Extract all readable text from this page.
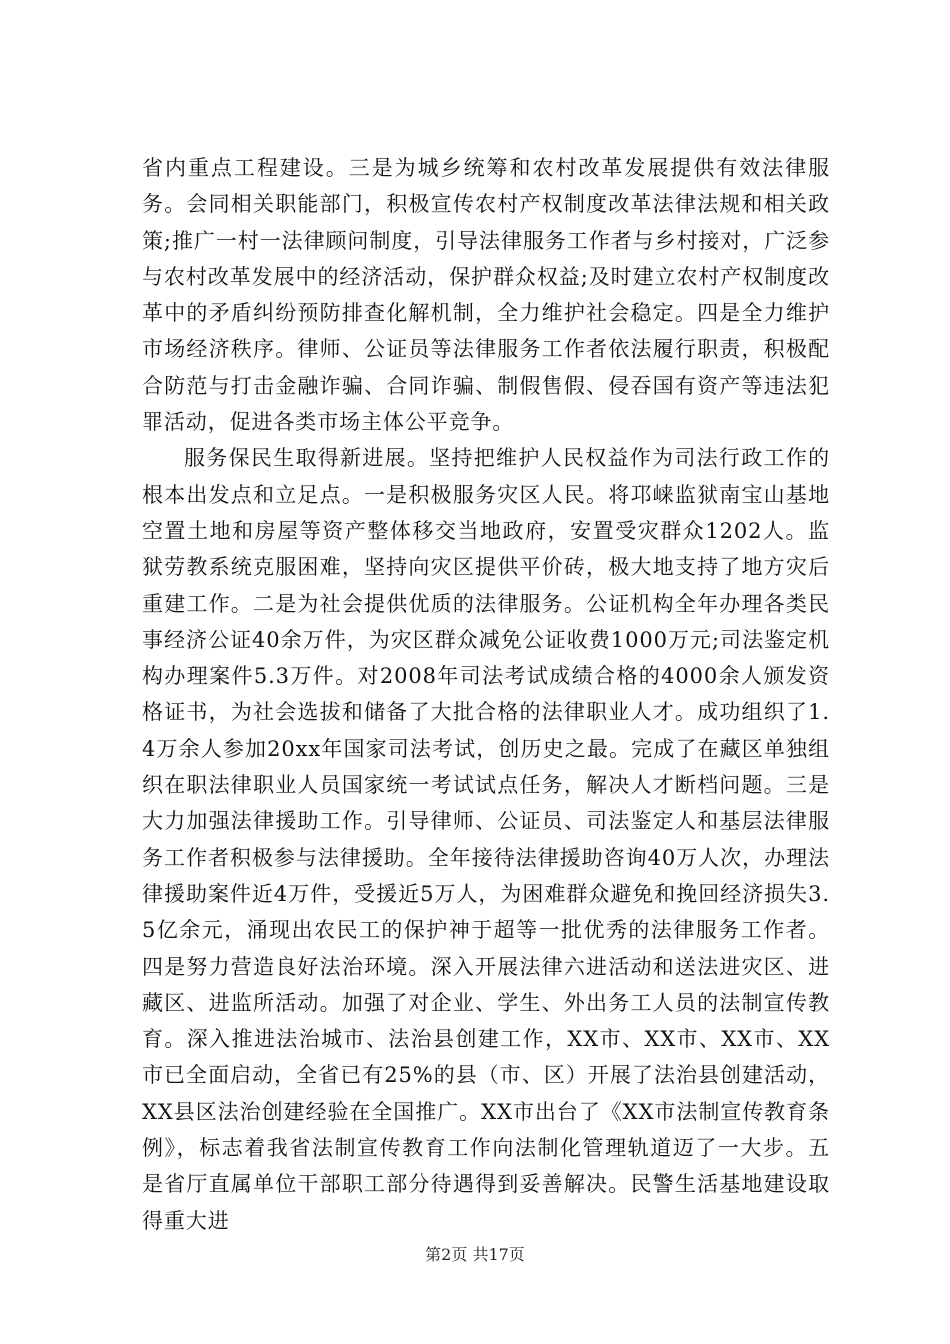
省内重点工程建设。三是为城乡统筹和农村改革发展提供有效法律服务。会同相关职能部门，积极宣传农村产权制度改革法律法规和相关政策;推广一村一法律顾问制度，引导法律服务工作者与乡村接对，广泛参与农村改革发展中的经济活动，保护群众权益;及时建立农村产权制度改革中的矛盾纠纷预防排查化解机制，全力维护社会稳定。四是全力维护市场经济秩序。律师、公证员等法律服务工作者依法履行职责，积极配合防范与打击金融诈骗、合同诈骗、制假售假、侵吞国有资产等违法犯罪活动，促进各类市场主体公平竞争。

服务保民生取得新进展。坚持把维护人民权益作为司法行政工作的根本出发点和立足点。一是积极服务灾区人民。将邛崃监狱南宝山基地空置土地和房屋等资产整体移交当地政府，安置受灾群众1202人。监狱劳教系统克服困难，坚持向灾区提供平价砖，极大地支持了地方灾后重建工作。二是为社会提供优质的法律服务。公证机构全年办理各类民事经济公证40余万件，为灾区群众减免公证收费1000万元;司法鉴定机构办理案件5.3万件。对2008年司法考试成绩合格的4000余人颁发资格证书，为社会选拔和储备了大批合格的法律职业人才。成功组织了1.4万余人参加20xx年国家司法考试，创历史之最。完成了在藏区单独组织在职法律职业人员国家统一考试试点任务，解决人才断档问题。三是大力加强法律援助工作。引导律师、公证员、司法鉴定人和基层法律服务工作者积极参与法律援助。全年接待法律援助咨询40万人次，办理法律援助案件近4万件，受援近5万人，为困难群众避免和挽回经济损失3.5亿余元，涌现出农民工的保护神于超等一批优秀的法律服务工作者。四是努力营造良好法治环境。深入开展法律六进活动和送法进灾区、进藏区、进监所活动。加强了对企业、学生、外出务工人员的法制宣传教育。深入推进法治城市、法治县创建工作，XX市、XX市、XX市、XX市已全面启动，全省已有25%的县（市、区）开展了法治县创建活动，XX县区法治创建经验在全国推广。XX市出台了《XX市法制宣传教育条例》，标志着我省法制宣传教育工作向法制化管理轨道迈了一大步。五是省厅直属单位干部职工部分待遇得到妥善解决。民警生活基地建设取得重大进

第2页 共17页
